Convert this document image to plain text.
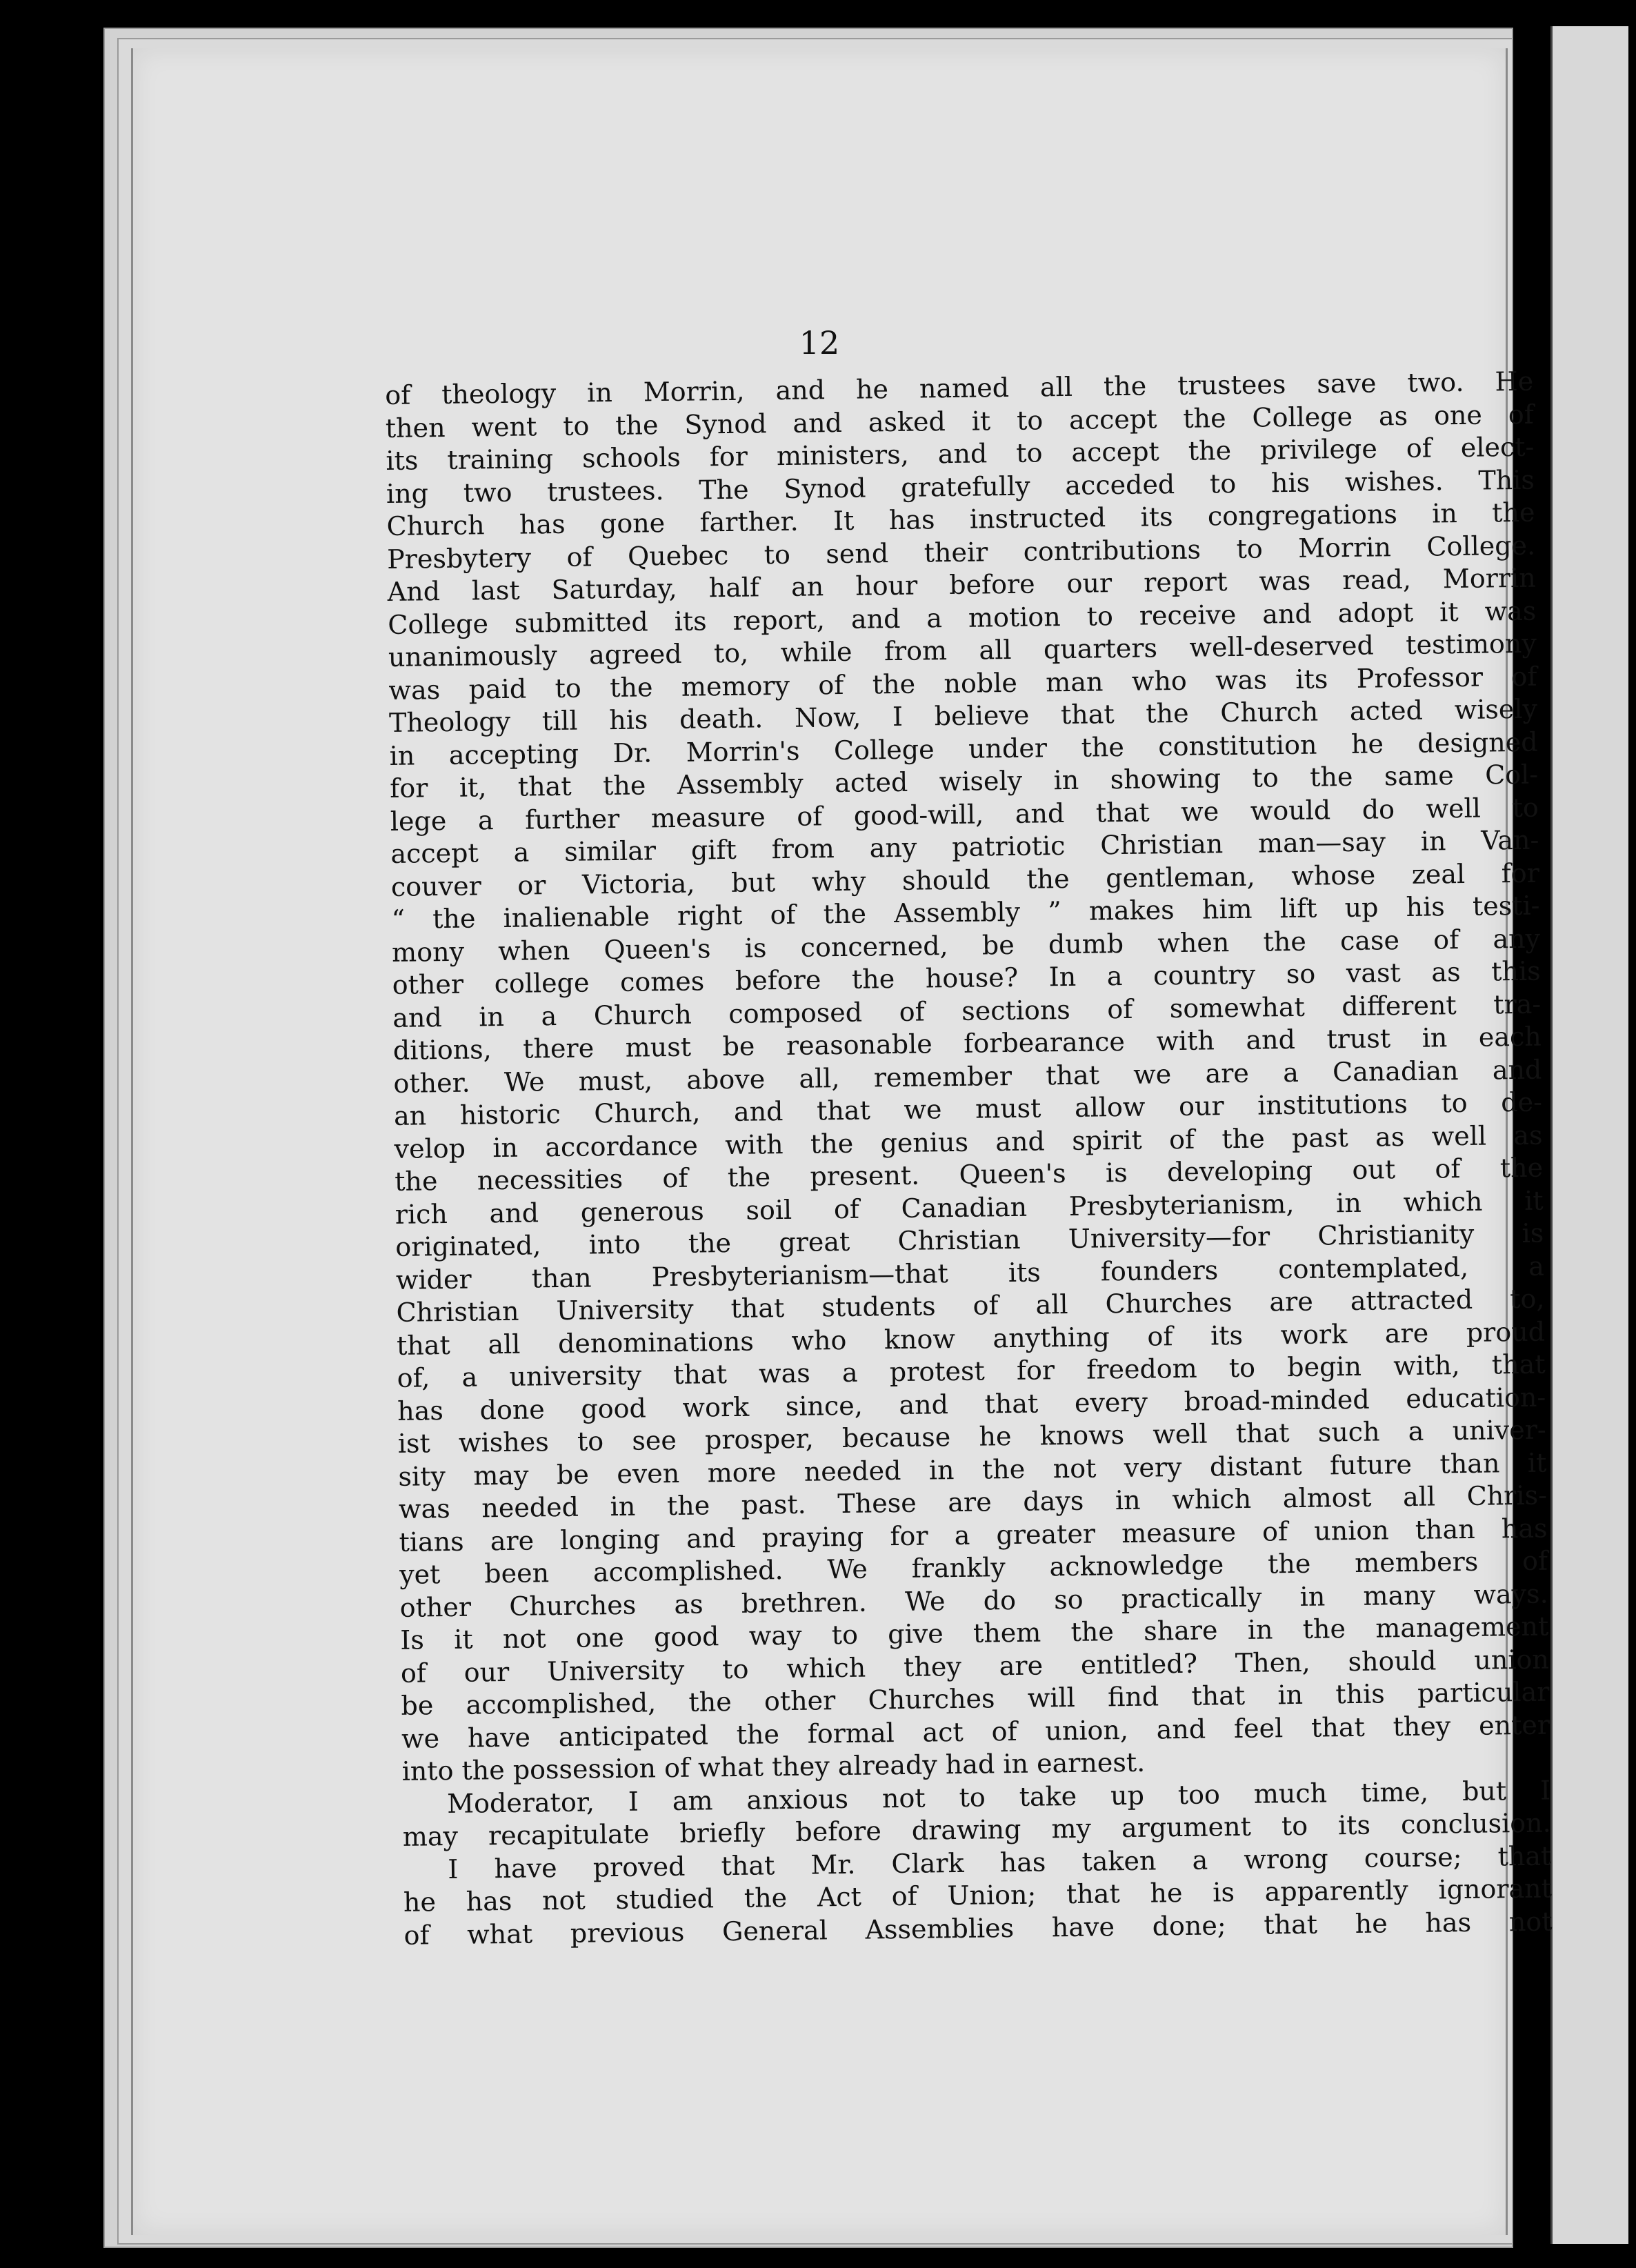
12
of theology in Morrin, and he named all the trustees save two. He
then went to the Synod and asked it to accept the College as one of
its training schools for ministers, and to accept the privilege of elect-
ing two trustees. The Synod gratefully acceded to his wishes. This
Church has gone farther. It has instructed its congregations in the
Presbytery of Quebec to send their contributions to Morrin College.
And last Saturday, half an hour before our report was read, Morrin
College submitted its report, and a motion to receive and adopt it was
unanimously agreed to, while from all quarters well-deserved testimony
was paid to the memory of the noble man who was its Professor of
Theology till his death. Now, I believe that the Church acted wisely
in accepting Dr. Morrin's College under the constitution he designed
for it, that the Assembly acted wisely in showing to the same Col-
lege a further measure of good-will, and that we would do well to
accept a similar gift from any patriotic Christian man—say in Van-
couver or Victoria, but why should the gentleman, whose zeal for
“ the inalienable right of the Assembly ” makes him lift up his testi-
mony when Queen's is concerned, be dumb when the case of any
other college comes before the house? In a country so vast as this
and in a Church composed of sections of somewhat different tra-
ditions, there must be reasonable forbearance with and trust in each
other. We must, above all, remember that we are a Canadian and
an historic Church, and that we must allow our institutions to de-
velop in accordance with the genius and spirit of the past as well as
the necessities of the present. Queen's is developing out of the
rich and generous soil of Canadian Presbyterianism, in which it
originated, into the great Christian University—for Christianity is
wider than Presbyterianism—that its founders contemplated, a
Christian University that students of all Churches are attracted to,
that all denominations who know anything of its work are proud
of, a university that was a protest for freedom to begin with, that
has done good work since, and that every broad-minded education-
ist wishes to see prosper, because he knows well that such a univer-
sity may be even more needed in the not very distant future than it
was needed in the past. These are days in which almost all Chris-
tians are longing and praying for a greater measure of union than has
yet been accomplished. We frankly acknowledge the members of
other Churches as brethren. We do so practically in many ways.
Is it not one good way to give them the share in the management
of our University to which they are entitled? Then, should union
be accomplished, the other Churches will find that in this particular
we have anticipated the formal act of union, and feel that they enter
into the possession of what they already had in earnest.
Moderator, I am anxious not to take up too much time, but I
may recapitulate briefly before drawing my argument to its conclusion.
I have proved that Mr. Clark has taken a wrong course; that
he has not studied the Act of Union; that he is apparently ignorant
of what previous General Assemblies have done; that he has not
